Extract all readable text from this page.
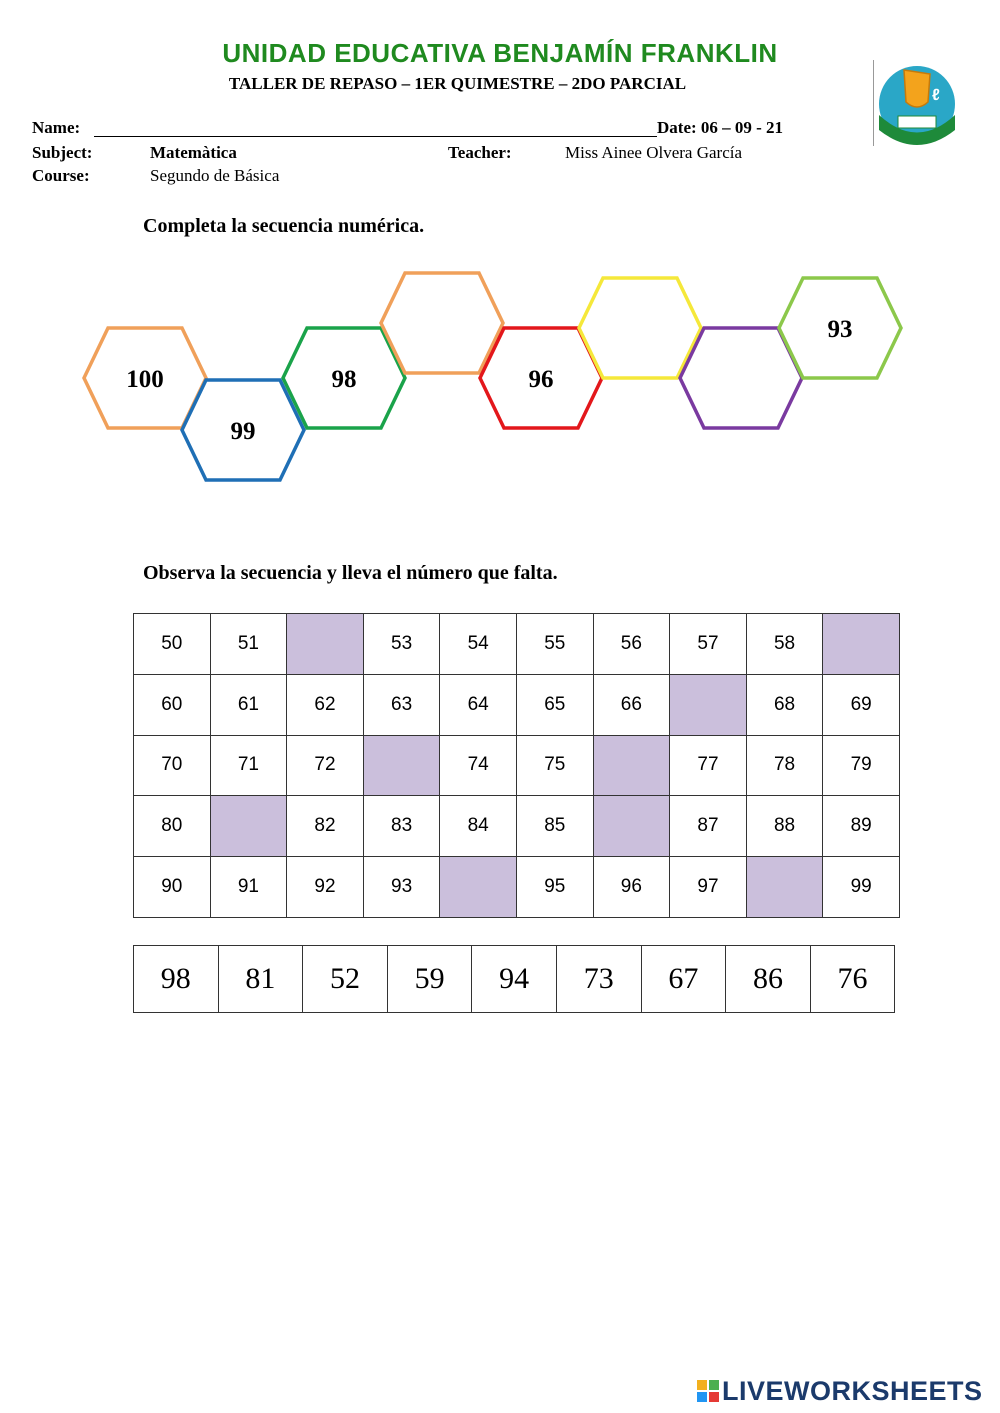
UNIDAD EDUCATIVA BENJAMÍN FRANKLIN
TALLER DE REPASO – 1ER QUIMESTRE – 2DO PARCIAL
ℓ
Name:	Date: 06 – 09 - 21
Subject:	Matemàtica	Teacher:	Miss Ainee Olvera García
Course:	Segundo de Básica
Completa la secuencia numérica.
100
99
98	96
93
Observa la secuencia y lleva el número que falta.
50	51		53	54	55	56	57	58	
60	61	62	63	64	65	66		68	69
70	71	72		74	75		77	78	79
80		82	83	84	85		87	88	89
90	91	92	93		95	96	97		99
98	81	52	59	94	73	67	86	76
LIVEWORKSHEETS
